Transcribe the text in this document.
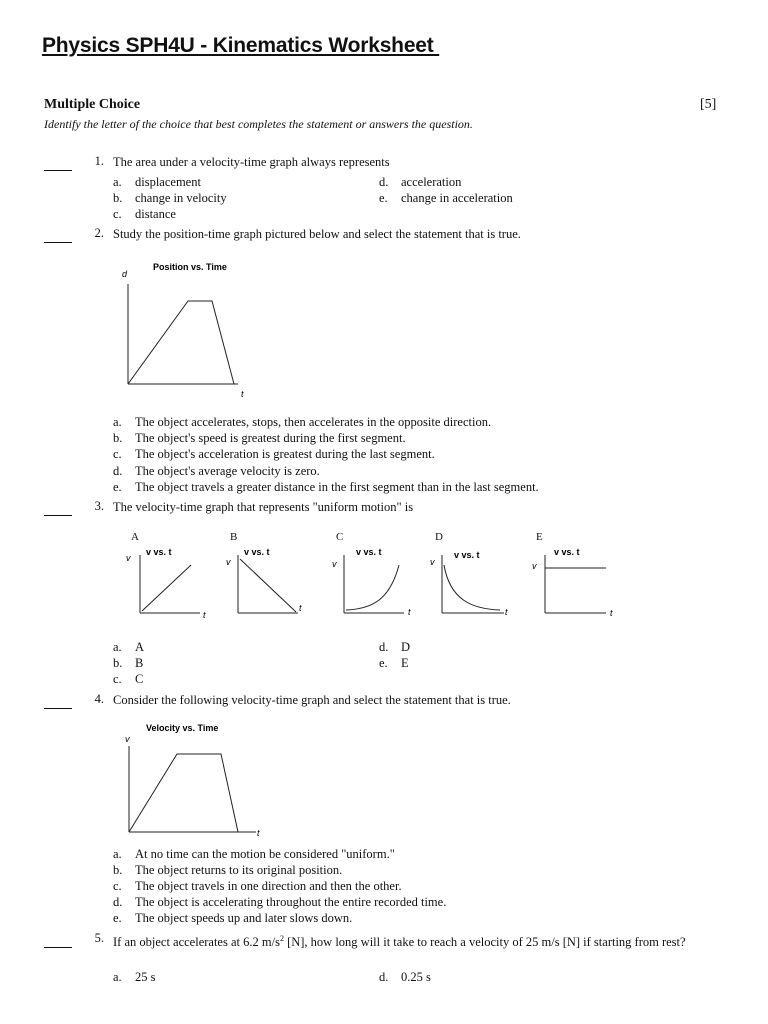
Physics SPH4U - Kinematics Worksheet
Multiple Choice	[5]
Identify the letter of the choice that best completes the statement or answers the question.
1. The area under a velocity-time graph always represents
a. displacement
b. change in velocity
c. distance
d. acceleration
e. change in acceleration
2. Study the position-time graph pictured below and select the statement that is true.
Position vs. Time
d
t
a. The object accelerates, stops, then accelerates in the opposite direction.
b. The object's speed is greatest during the first segment.
c. The object's acceleration is greatest during the last segment.
d. The object's average velocity is zero.
e. The object travels a greater distance in the first segment than in the last segment.
3. The velocity-time graph that represents "uniform motion" is
A	B	C	D	E
v vs. t
v
t
v vs. t
v
t
v vs. t
v
t
v vs. t
v
t
v vs. t
v
t
a. A
b. B
c. C
d. D
e. E
4. Consider the following velocity-time graph and select the statement that is true.
Velocity vs. Time
v
t
a. At no time can the motion be considered "uniform."
b. The object returns to its original position.
c. The object travels in one direction and then the other.
d. The object is accelerating throughout the entire recorded time.
e. The object speeds up and later slows down.
5. If an object accelerates at 6.2 $m/s^2$ [N], how long will it take to reach a velocity of 25 m/s [N] if starting from rest?
a. 25 s	d. 0.25 s
